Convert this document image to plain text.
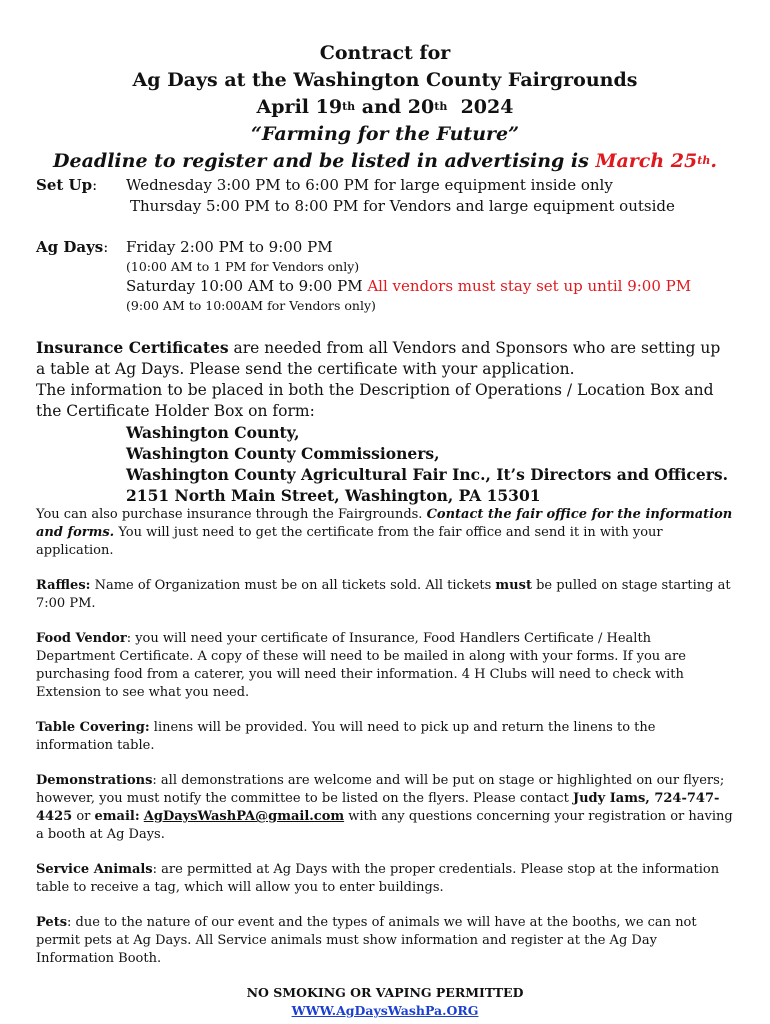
Contract for
Ag Days at the Washington County Fairgrounds
April 19th and 20th 2024
“Farming for the Future”
Deadline to register and be listed in advertising is March 25th.
Set Up:	Wednesday 3:00 PM to 6:00 PM for large equipment inside only
Thursday 5:00 PM to 8:00 PM for Vendors and large equipment outside
Ag Days:	Friday 2:00 PM to 9:00 PM
(10:00 AM to 1 PM for Vendors only)
Saturday 10:00 AM to 9:00 PM All vendors must stay set up until 9:00 PM
(9:00 AM to 10:00AM for Vendors only)
Insurance Certificates are needed from all Vendors and Sponsors who are setting up a table at Ag Days. Please send the certificate with your application.
The information to be placed in both the Description of Operations / Location Box and the Certificate Holder Box on form:
Washington County,
Washington County Commissioners,
Washington County Agricultural Fair Inc., It’s Directors and Officers.
2151 North Main Street, Washington, PA 15301
You can also purchase insurance through the Fairgrounds. Contact the fair office for the information and forms. You will just need to get the certificate from the fair office and send it in with your application.
Raffles: Name of Organization must be on all tickets sold. All tickets must be pulled on stage starting at 7:00 PM.
Food Vendor: you will need your certificate of Insurance, Food Handlers Certificate / Health Department Certificate. A copy of these will need to be mailed in along with your forms. If you are purchasing food from a caterer, you will need their information. 4 H Clubs will need to check with Extension to see what you need.
Table Covering: linens will be provided. You will need to pick up and return the linens to the information table.
Demonstrations: all demonstrations are welcome and will be put on stage or highlighted on our flyers; however, you must notify the committee to be listed on the flyers. Please contact Judy Iams, 724-747-4425 or email: AgDaysWashPA@gmail.com with any questions concerning your registration or having a booth at Ag Days.
Service Animals: are permitted at Ag Days with the proper credentials. Please stop at the information table to receive a tag, which will allow you to enter buildings.
Pets: due to the nature of our event and the types of animals we will have at the booths, we can not permit pets at Ag Days. All Service animals must show information and register at the Ag Day Information Booth.
NO SMOKING OR VAPING PERMITTED
WWW.AgDaysWashPa.ORG
